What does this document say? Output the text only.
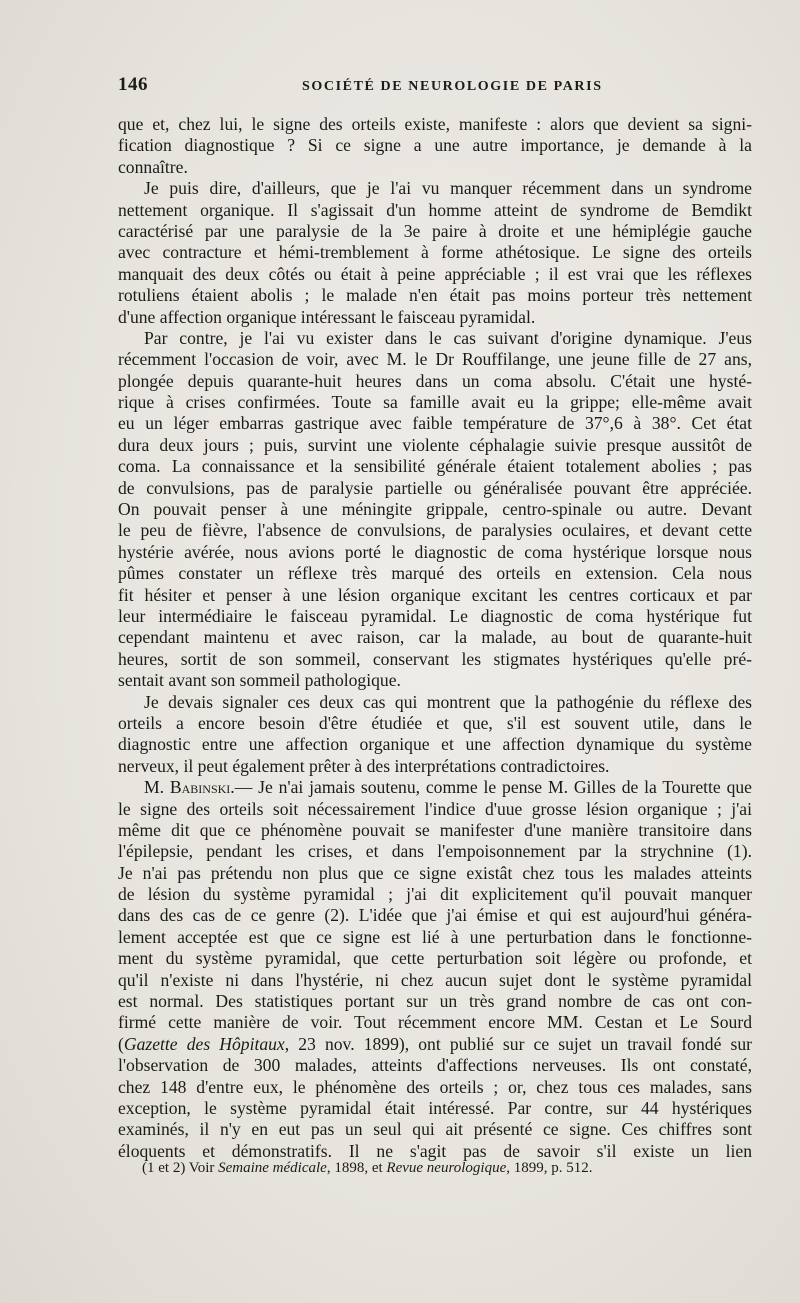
146	SOCIÉTÉ DE NEUROLOGIE DE PARIS
que et, chez lui, le signe des orteils existe, manifeste : alors que devient sa signi-
fication diagnostique ? Si ce signe a une autre importance, je demande à la
connaître.
Je puis dire, d'ailleurs, que je l'ai vu manquer récemment dans un syndrome
nettement organique. Il s'agissait d'un homme atteint de syndrome de Bemdikt
caractérisé par une paralysie de la 3e paire à droite et une hémiplégie gauche
avec contracture et hémi-tremblement à forme athétosique. Le signe des orteils
manquait des deux côtés ou était à peine appréciable ; il est vrai que les réflexes
rotuliens étaient abolis ; le malade n'en était pas moins porteur très nettement
d'une affection organique intéressant le faisceau pyramidal.
Par contre, je l'ai vu exister dans le cas suivant d'origine dynamique. J'eus
récemment l'occasion de voir, avec M. le Dr Rouffilange, une jeune fille de 27 ans,
plongée depuis quarante-huit heures dans un coma absolu. C'était une hysté-
rique à crises confirmées. Toute sa famille avait eu la grippe; elle-même avait
eu un léger embarras gastrique avec faible température de 37°,6 à 38°. Cet état
dura deux jours ; puis, survint une violente céphalagie suivie presque aussitôt de
coma. La connaissance et la sensibilité générale étaient totalement abolies ; pas
de convulsions, pas de paralysie partielle ou généralisée pouvant être appréciée.
On pouvait penser à une méningite grippale, centro-spinale ou autre. Devant
le peu de fièvre, l'absence de convulsions, de paralysies oculaires, et devant cette
hystérie avérée, nous avions porté le diagnostic de coma hystérique lorsque nous
pûmes constater un réflexe très marqué des orteils en extension. Cela nous
fit hésiter et penser à une lésion organique excitant les centres corticaux et par
leur intermédiaire le faisceau pyramidal. Le diagnostic de coma hystérique fut
cependant maintenu et avec raison, car la malade, au bout de quarante-huit
heures, sortit de son sommeil, conservant les stigmates hystériques qu'elle pré-
sentait avant son sommeil pathologique.
Je devais signaler ces deux cas qui montrent que la pathogénie du réflexe des
orteils a encore besoin d'être étudiée et que, s'il est souvent utile, dans le
diagnostic entre une affection organique et une affection dynamique du système
nerveux, il peut également prêter à des interprétations contradictoires.
M. Babinski.— Je n'ai jamais soutenu, comme le pense M. Gilles de la Tourette que
le signe des orteils soit nécessairement l'indice d'uue grosse lésion organique ; j'ai
même dit que ce phénomène pouvait se manifester d'une manière transitoire dans
l'épilepsie, pendant les crises, et dans l'empoisonnement par la strychnine (1).
Je n'ai pas prétendu non plus que ce signe existât chez tous les malades atteints
de lésion du système pyramidal ; j'ai dit explicitement qu'il pouvait manquer
dans des cas de ce genre (2). L'idée que j'ai émise et qui est aujourd'hui généra-
lement acceptée est que ce signe est lié à une perturbation dans le fonctionne-
ment du système pyramidal, que cette perturbation soit légère ou profonde, et
qu'il n'existe ni dans l'hystérie, ni chez aucun sujet dont le système pyramidal
est normal. Des statistiques portant sur un très grand nombre de cas ont con-
firmé cette manière de voir. Tout récemment encore MM. Cestan et Le Sourd
(Gazette des Hôpitaux, 23 nov. 1899), ont publié sur ce sujet un travail fondé sur
l'observation de 300 malades, atteints d'affections nerveuses. Ils ont constaté,
chez 148 d'entre eux, le phénomène des orteils ; or, chez tous ces malades, sans
exception, le système pyramidal était intéressé. Par contre, sur 44 hystériques
examinés, il n'y en eut pas un seul qui ait présenté ce signe. Ces chiffres sont
éloquents et démonstratifs. Il ne s'agit pas de savoir s'il existe un lien
(1 et 2) Voir Semaine médicale, 1898, et Revue neurologique, 1899, p. 512.
